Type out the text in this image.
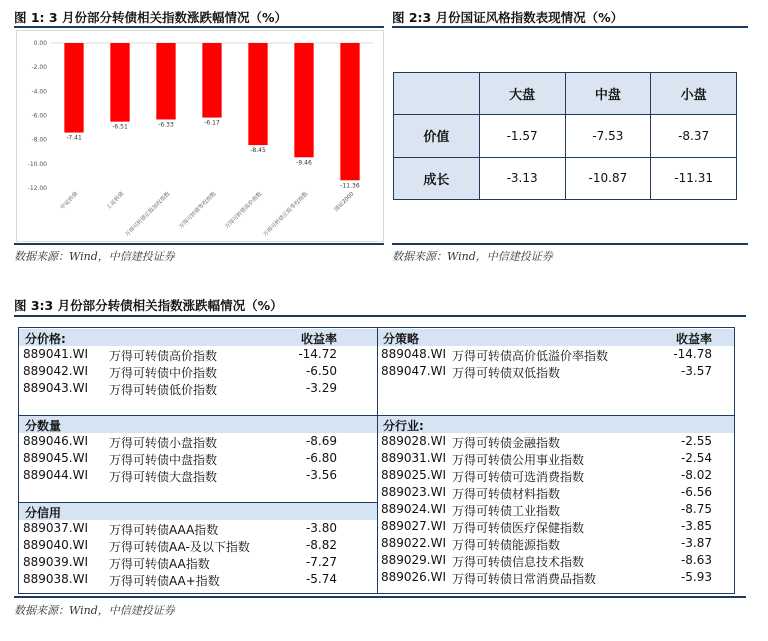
图 1: 3 月份部分转债相关指数涨跌幅情况（%）
0.00
-2.00
-4.00
-6.00
-8.00
-10.00
-12.00
-7.41
中证转债
-6.51
上证转债
-6.33
万得可转债正股加权指数
-6.17
万得可转债等权指数
-8.45
万得可转债高价指数
-9.46
万得可转债正股等权指数
-11.36
国证2000
数据来源：Wind，中信建投证券
图 2:3 月份国证风格指数表现情况（%）
	大盘	中盘	小盘
价值	-1.57	-7.53	-8.37
成长	-3.13	-10.87	-11.31
数据来源：Wind，中信建投证券
图 3:3 月份部分转债相关指数涨跌幅情况（%）
分价格:	收益率
889041.WI 万得可转债高价指数	-14.72
889042.WI 万得可转债中价指数	-6.50
889043.WI 万得可转债低价指数	-3.29
分数量
889046.WI 万得可转债小盘指数	-8.69
889045.WI 万得可转债中盘指数	-6.80
889044.WI 万得可转债大盘指数	-3.56
分信用
889037.WI 万得可转债AAA指数	-3.80
889040.WI 万得可转债AA-及以下指数	-8.82
889039.WI 万得可转债AA指数	-7.27
889038.WI 万得可转债AA+指数	-5.74
分策略	收益率
889048.WI 万得可转债高价低溢价率指数	-14.78
889047.WI 万得可转债双低指数	-3.57
分行业:
889028.WI 万得可转债金融指数	-2.55
889031.WI 万得可转债公用事业指数	-2.54
889025.WI 万得可转债可选消费指数	-8.02
889023.WI 万得可转债材料指数	-6.56
889024.WI 万得可转债工业指数	-8.75
889027.WI 万得可转债医疗保健指数	-3.85
889022.WI 万得可转债能源指数	-3.87
889029.WI 万得可转债信息技术指数	-8.63
889026.WI 万得可转债日常消费品指数	-5.93
数据来源：Wind，中信建投证券
